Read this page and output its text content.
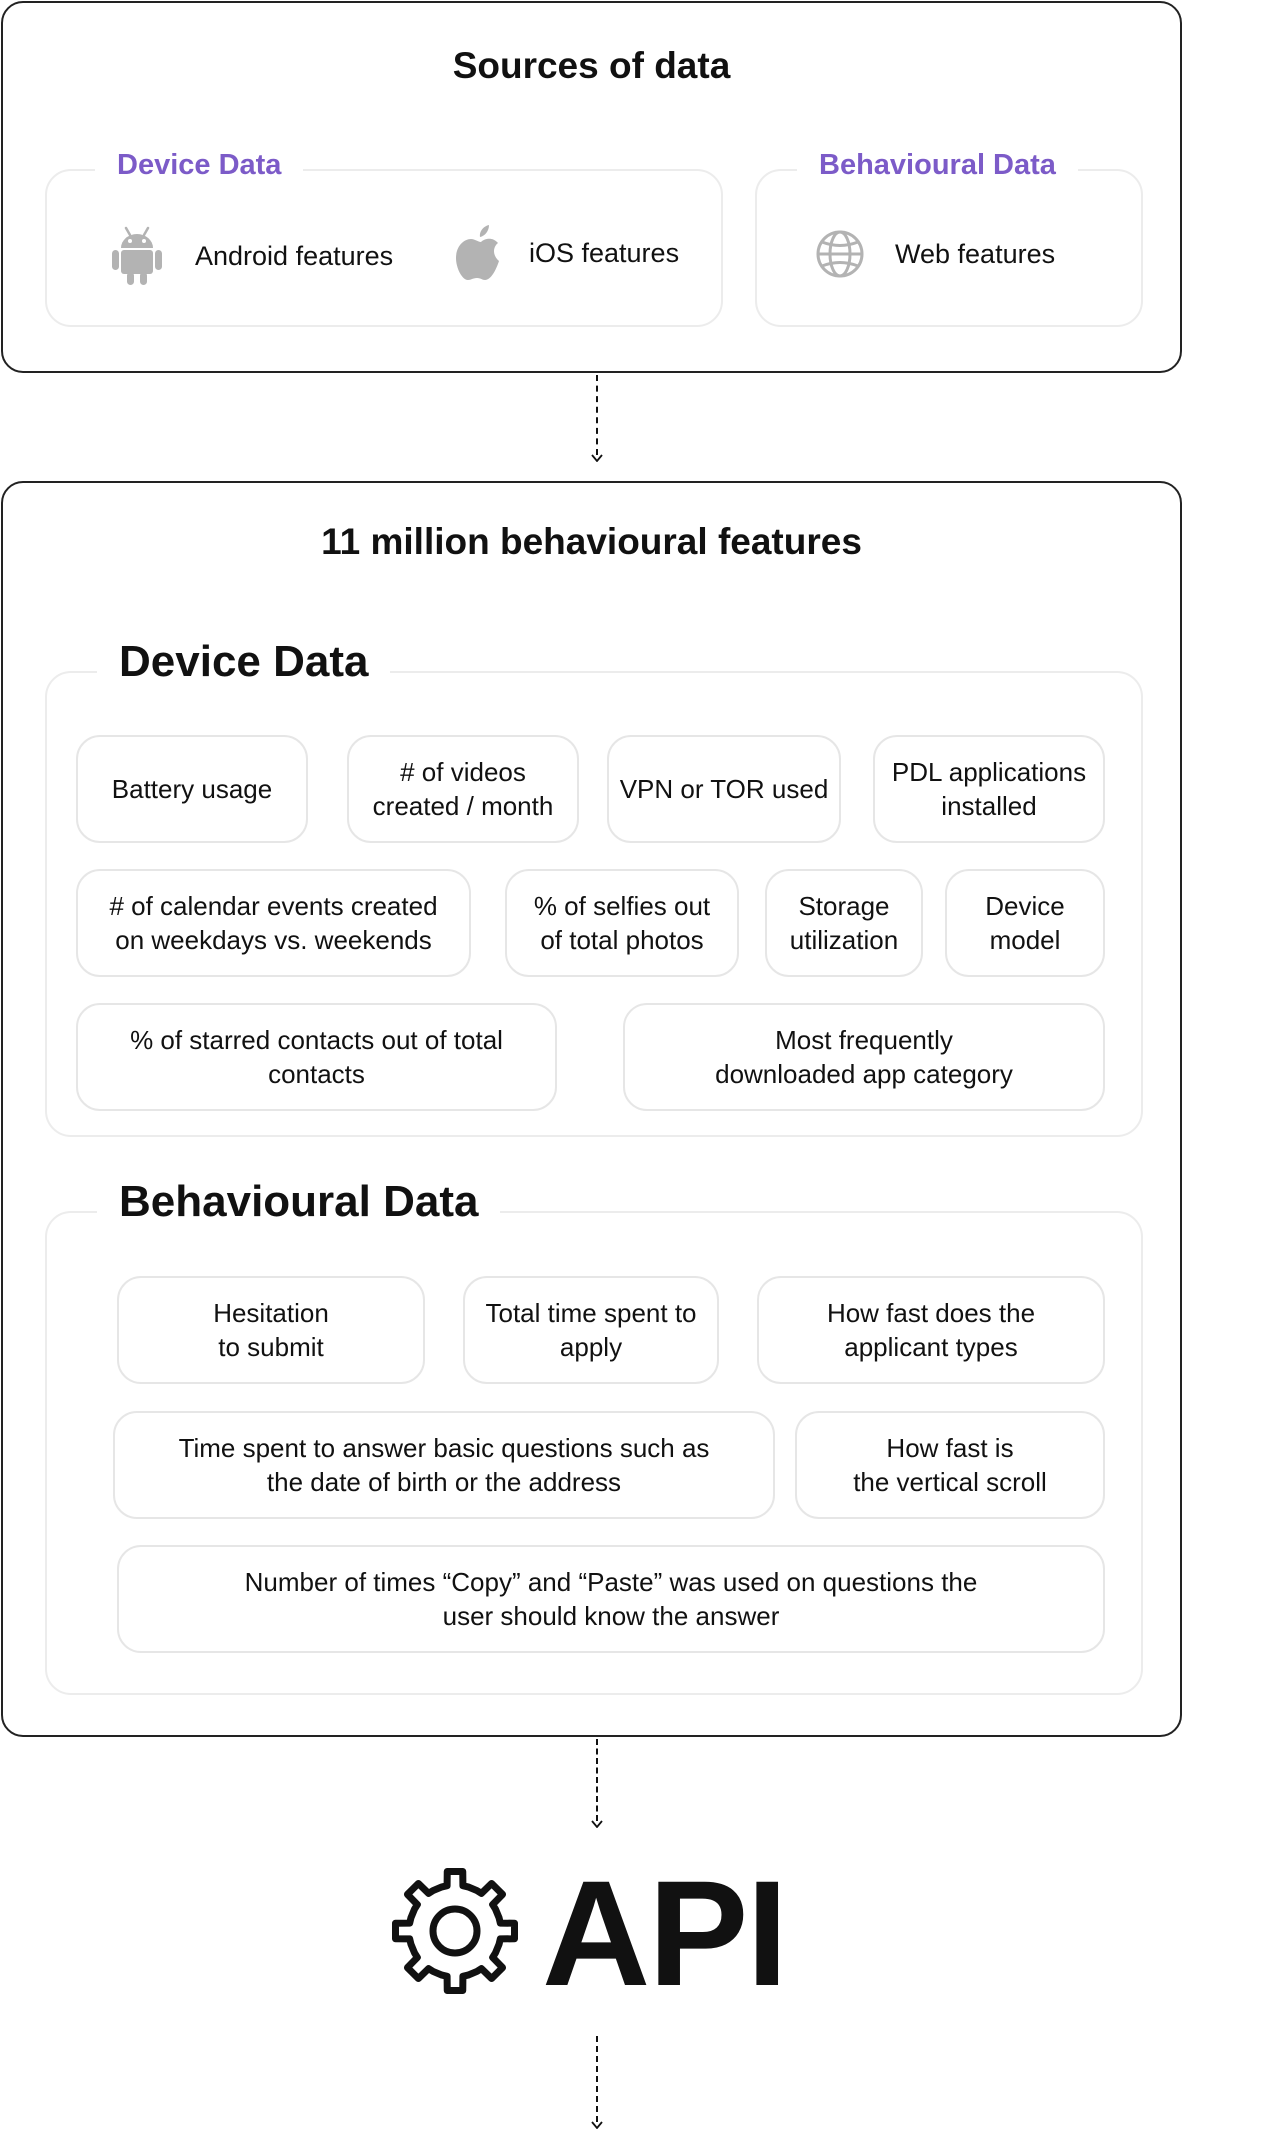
Sources of data
Device Data
Android features	iOS features
Behavioural Data
Web features
11 million behavioural features
Device Data
Battery usage
# of videos
created / month
VPN or TOR used
PDL applications
installed
# of calendar events created
on weekdays vs. weekends
% of selfies out
of total photos
Storage
utilization
Device
model
% of starred contacts out of total
contacts
Most frequently
downloaded app category
Behavioural Data
Hesitation
to submit
Total time spent to
apply
How fast does the
applicant types
Time spent to answer basic questions such as
the date of birth or the address
How fast is
the vertical scroll
Number of times “Copy” and “Paste” was used on questions the
user should know the answer
API
